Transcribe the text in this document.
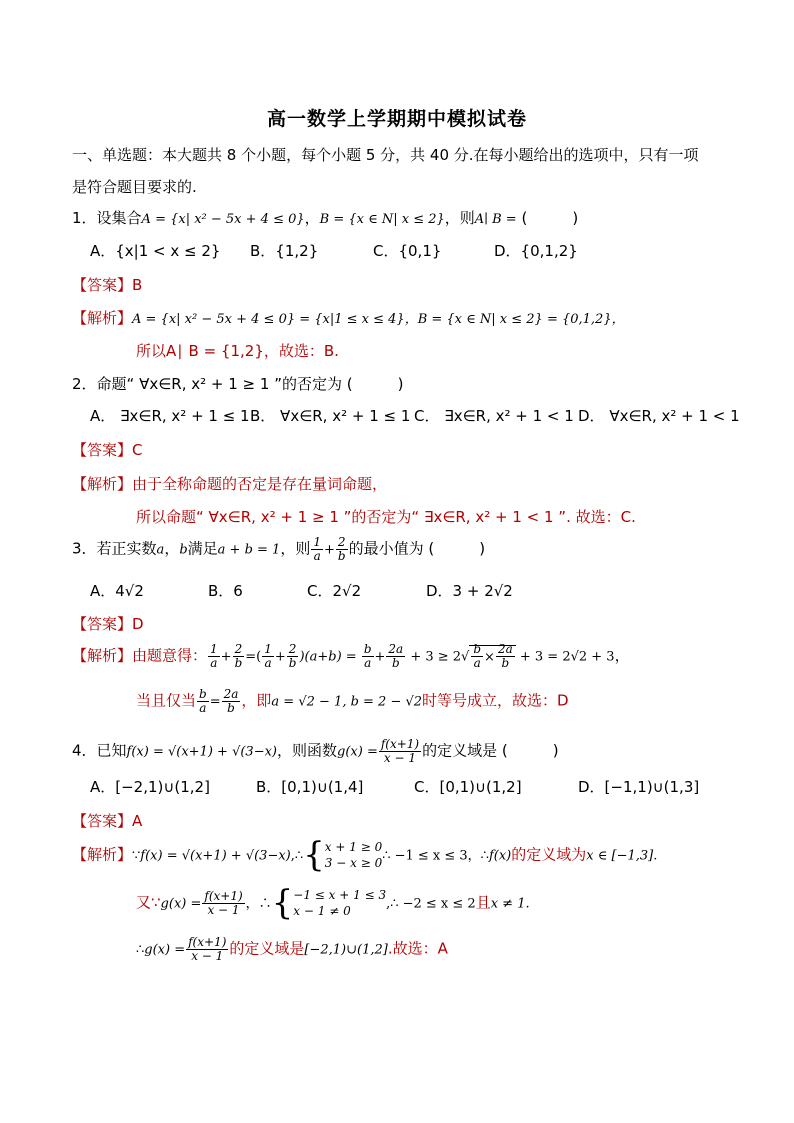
高一数学上学期期中模拟试卷
一、单选题：本大题共 8 个小题，每个小题 5 分，共 40 分.在每小题给出的选项中，只有一项
是符合题目要求的.
1．设集合A = {x| x² − 5x + 4 ≤ 0}，B = {x ∈ N| x ≤ 2}，则A∣ B = (　　　)
A．{x|1 < x ≤ 2} B．{1,2}	C．{0,1}	D．{0,1,2}
【答案】B
【解析】A = {x| x² − 5x + 4 ≤ 0} = {x|1 ≤ x ≤ 4}，B = {x ∈ N| x ≤ 2} = {0,1,2}，
所以A∣ B = {1,2}，故选：B.
2．命题“ ∀x∈R, x² + 1 ≥ 1 ”的否定为 (　　　)
A． ∃x∈R, x² + 1 ≤ 1 B． ∀x∈R, x² + 1 ≤ 1 C． ∃x∈R, x² + 1 < 1 D． ∀x∈R, x² + 1 < 1
【答案】C
【解析】由于全称命题的否定是存在量词命题，
所以命题“ ∀x∈R, x² + 1 ≥ 1 ”的否定为“ ∃x∈R, x² + 1 < 1 ”. 故选：C.
3．若正实数a，b满足a + b = 1，则 $\frac{1}{a} + \frac{2}{b}$ 的最小值为 (　　　)
A．4√2	B．6	C．2√2	D．3 + 2√2
【答案】D
【解析】由题意得： $\frac{1}{a} + \frac{2}{b}$ =( $\frac{1}{a} + \frac{2}{b} )(a+b) = \frac{b}{a} + \frac{2a}{b} + 3 \ge 2√ \frac{b}{a} \times \frac{2a}{b} + 3 = 2√2 + 3$，
当且仅当 $\frac{b}{a} = \frac{2a}{b}$ ，即a = √2 − 1, b = 2 − √2时等号成立，故选：D
4．已知f(x) = √(x+1) + √(3−x)，则函数$g(x) = \frac{f(x+1)}{x - 1}$ 的定义域是 (　　　)
A．[−2,1)∪(1,2]	B．[0,1)∪(1,4]	C．[0,1)∪(1,2]	D．[−1,1)∪(1,3]
【答案】A
【解析】∵f(x) = √(x+1) + √(3−x),∴{x + 1 ≥ 0
3 − x ≥ 0∴ −1 ≤ x ≤ 3，∴f(x)的定义域为x ∈ [−1,3].
又∵g(x) = $\frac{f(x+1)}{x - 1}$ ，∴{−1 ≤ x + 1 ≤ 3
x − 1 ≠ 0	,∴ −2 ≤ x ≤ 2且x ≠ 1.
∴g(x) = $\frac{f(x+1)}{x - 1}$ 的定义域是[−2,1)∪(1,2].故选：A
